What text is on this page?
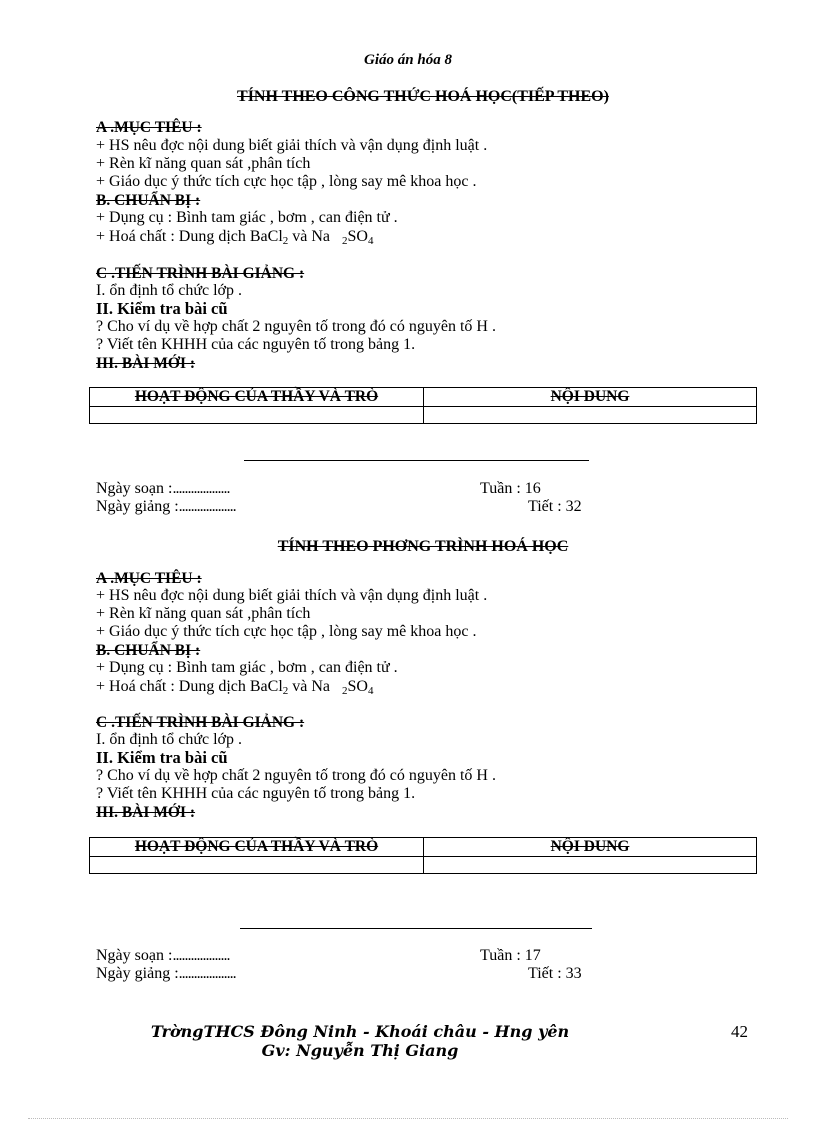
Giáo án hóa 8
TÍNH THEO CÔNG THỨC HOÁ HỌC(TIẾP THEO)
A .MỤC TIÊU :
+ HS nêu đợc nội dung biết giải thích và vận dụng định luật .
+ Rèn kĩ năng quan sát ,phân tích
+ Giáo dục ý thức tích cực học tập , lòng say mê khoa học .
B. CHUẨN BỊ :
+ Dụng cụ : Bình tam giác , bơm , can điện tử .
+ Hoá chất : Dung dịch BaCl$_2$ và Na   $_2SO_4$
C .TIẾN TRÌNH BÀI GIẢNG :
I. ổn định tổ chức lớp .
II. Kiểm tra bài cũ
? Cho ví dụ về hợp chất 2 nguyên tố trong đó có nguyên tố H .
? Viết tên KHHH của các nguyên tố trong bảng 1.
III. BÀI MỚI :
HOẠT ĐỘNG CỦA THẦY VÀ TRÒ	NỘI DUNG

Ngày soạn :...................
Ngày giảng :...................
Tuần : 16
Tiết : 32
TÍNH THEO PHƠNG TRÌNH HOÁ HỌC
A .MỤC TIÊU :
+ HS nêu đợc nội dung biết giải thích và vận dụng định luật .
+ Rèn kĩ năng quan sát ,phân tích
+ Giáo dục ý thức tích cực học tập , lòng say mê khoa học .
B. CHUẨN BỊ :
+ Dụng cụ : Bình tam giác , bơm , can điện tử .
+ Hoá chất : Dung dịch BaCl$_2$ và Na   $_2SO_4$
C .TIẾN TRÌNH BÀI GIẢNG :
I. ổn định tổ chức lớp .
II. Kiểm tra bài cũ
? Cho ví dụ về hợp chất 2 nguyên tố trong đó có nguyên tố H .
? Viết tên KHHH của các nguyên tố trong bảng 1.
III. BÀI MỚI :
HOẠT ĐỘNG CỦA THẦY VÀ TRÒ	NỘI DUNG

Ngày soạn :...................
Ngày giảng :...................
Tuần : 17
Tiết : 33
TrờngTHCS Đông Ninh - Khoái châu - Hng yên
Gv: Nguyễn Thị Giang
42
